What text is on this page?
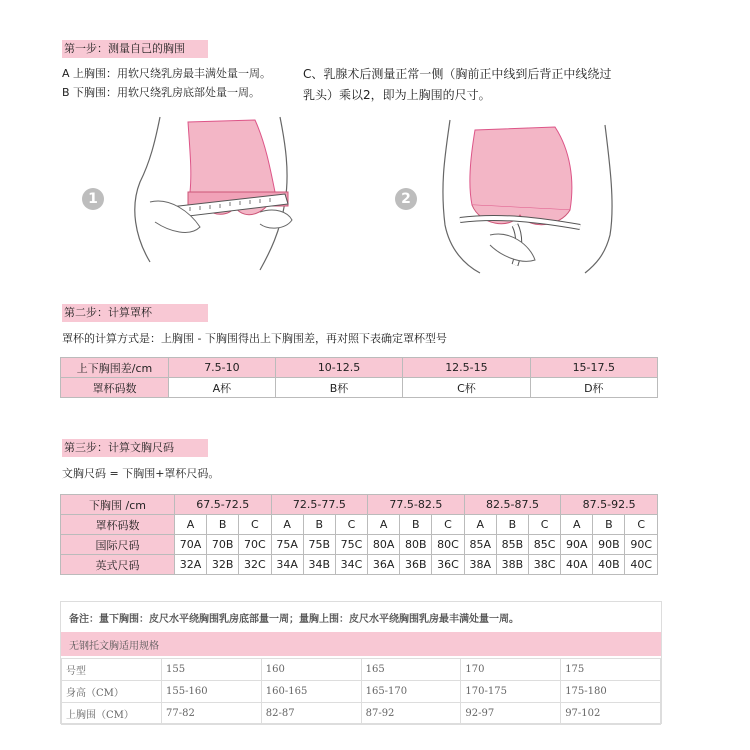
第一步：测量自己的胸围
A 上胸围：用软尺绕乳房最丰满处量一周。
B 下胸围：用软尺绕乳房底部处量一周。
C、乳腺术后测量正常一侧（胸前正中线到后背正中线绕过
乳头）乘以2，即为上胸围的尺寸。
1	2
第二步：计算罩杯
罩杯的计算方式是：上胸围 - 下胸围得出上下胸围差，再对照下表确定罩杯型号
上下胸围差/cm	7.5-10	10-12.5	12.5-15	15-17.5
罩杯码数	A杯	B杯	C杯	D杯
第三步：计算文胸尺码
文胸尺码 = 下胸围+罩杯尺码。
下胸围 /cm	67.5-72.5			72.5-77.5			77.5-82.5			82.5-87.5			87.5-92.5		
罩杯码数	A	B	C	A	B	C	A	B	C	A	B	C	A	B	C
国际尺码	70A	70B	70C	75A	75B	75C	80A	80B	80C	85A	85B	85C	90A	90B	90C
英式尺码	32A	32B	32C	34A	34B	34C	36A	36B	36C	38A	38B	38C	40A	40B	40C
备注：量下胸围：皮尺水平绕胸围乳房底部量一周；量胸上围：皮尺水平绕胸围乳房最丰满处量一周。
无钢托文胸适用规格
号型	155	160	165	170	175
身高（CM）	155-160	160-165	165-170	170-175	175-180
上胸围（CM）	77-82	82-87	87-92	92-97	97-102
